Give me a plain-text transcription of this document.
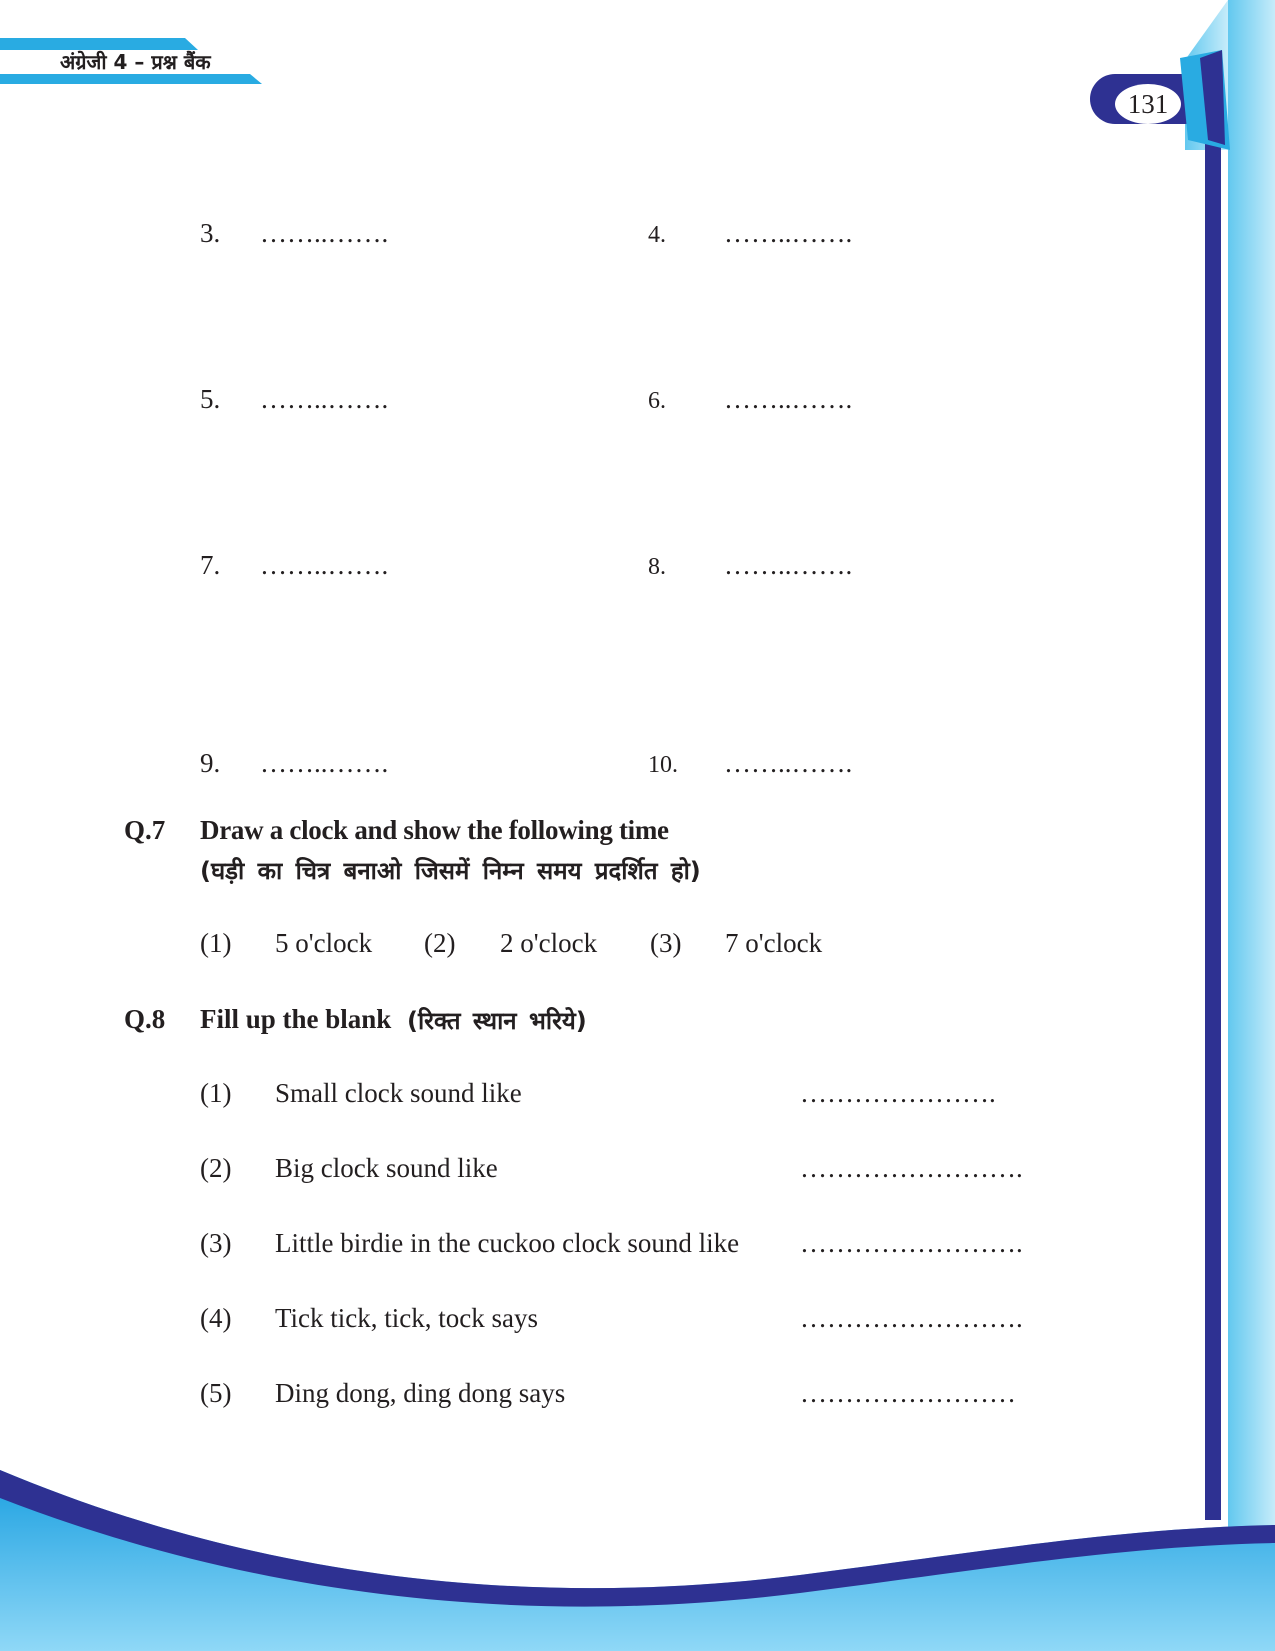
अंग्रेजी 4 – प्रश्न बैंक
131
3. ……..…….	4. ……..…….
5. ……..…….	6. ……..…….
7. ……..…….	8. ……..…….
9. ……..…….	10. ……..…….
Q.7 Draw a clock and show the following time
(घड़ी का चित्र बनाओ जिसमें निम्न समय प्रदर्शित हो)
(1) 5 o'clock (2) 2 o'clock (3) 7 o'clock
Q.8 Fill up the blank (रिक्त स्थान भरिये)
(1) Small clock sound like	………………….
(2) Big clock sound like	…………………….
(3) Little birdie in the cuckoo clock sound like …………………….
(4) Tick tick, tick, tock says	…………………….
(5) Ding dong, ding dong says	……………………
